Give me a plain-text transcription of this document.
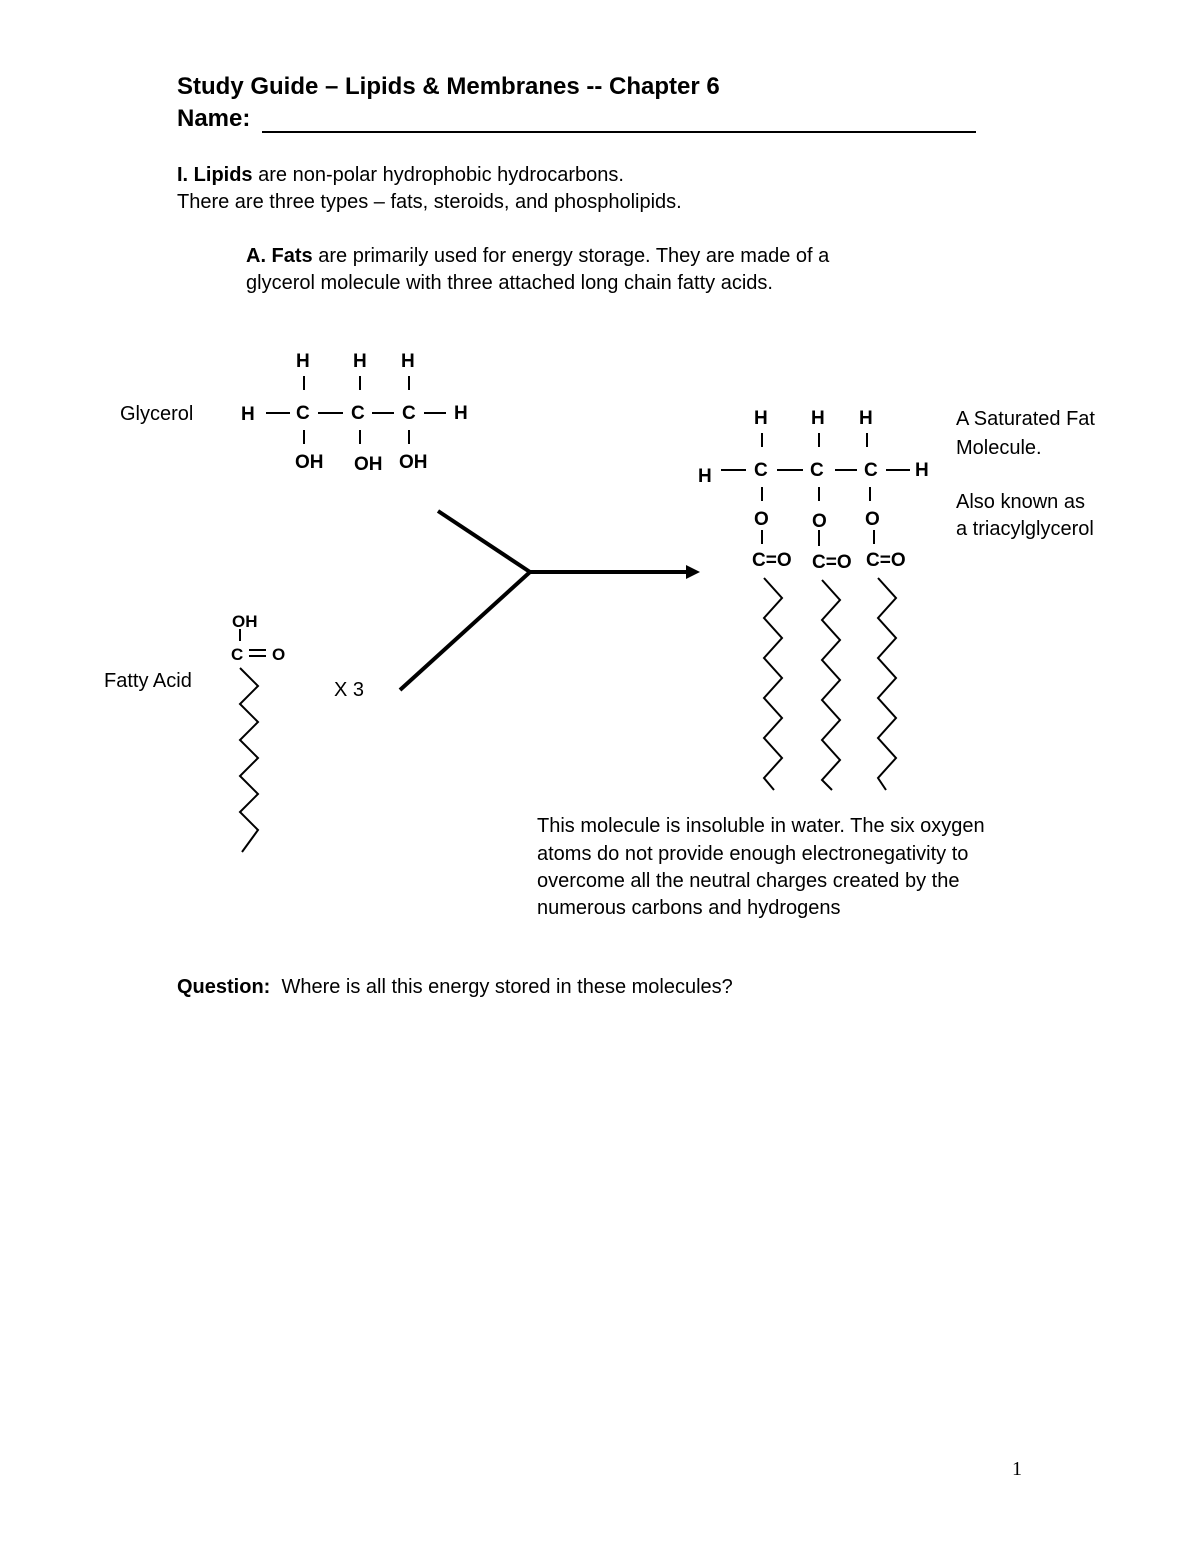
Study Guide – Lipids & Membranes -- Chapter 6
Name:
I. Lipids are non-polar hydrophobic hydrocarbons.
There are three types – fats, steroids, and phospholipids.
A. Fats are primarily used for energy storage. They are made of a
glycerol molecule with three attached long chain fatty acids.
Glycerol
Fatty Acid	X 3
A Saturated Fat
Molecule.
Also known as
a triacylglycerol
H H H
H C C C H
OH OH OH
OH
C O
H H H
H C C C H
O O O
C=O C=O C=O
This molecule is insoluble in water. The six oxygen
atoms do not provide enough electronegativity to
overcome all the neutral charges created by the
numerous carbons and hydrogens
Question:  Where is all this energy stored in these molecules?
1
